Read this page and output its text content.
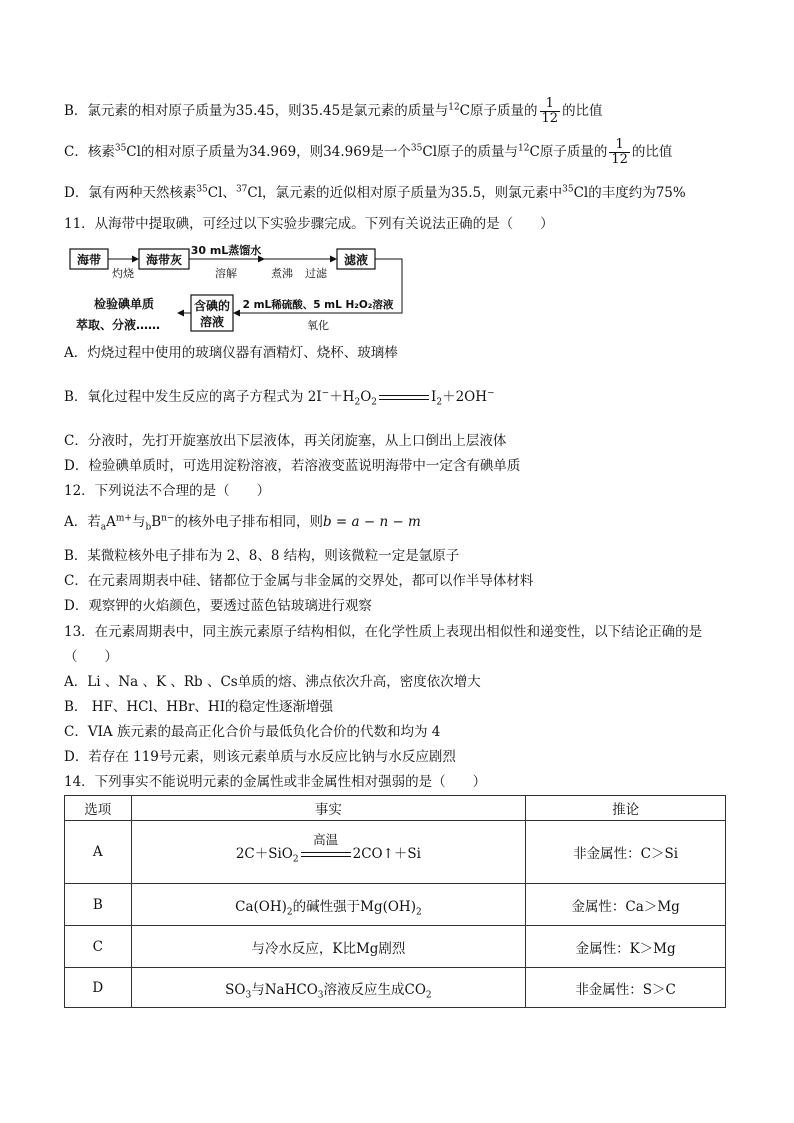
B．氯元素的相对原子质量为35.45，则35.45是氯元素的质量与$^{12}$C原子质量的 $\frac{1}{12}$ 的比值
C．核素$^{35}$Cl的相对原子质量为34.969，则34.969是一个$^{35}$Cl原子的质量与$^{12}$C原子质量的 $\frac{1}{12}$ 的比值
D．氯有两种天然核素$^{35}$Cl、$^{37}$Cl，氯元素的近似相对原子质量为35.5，则氯元素中$^{35}$Cl的丰度约为75%
11．从海带中提取碘，可经过以下实验步骤完成。下列有关说法正确的是（　　）
海带
灼烧
海带灰
30 mL蒸馏水
溶解	煮沸 过滤
滤液
2 mL稀硫酸、5 mL H₂O₂溶液
氧化
含碘的
溶液
检验碘单质
萃取、分液……
A．灼烧过程中使用的玻璃仪器有酒精灯、烧杯、玻璃棒
B．氧化过程中发生反应的离子方程式为 $2I^-+H_2O_2$	$I_2+2OH^-$
C．分液时，先打开旋塞放出下层液体，再关闭旋塞，从上口倒出上层液体
D．检验碘单质时，可选用淀粉溶液，若溶液变蓝说明海带中一定含有碘单质
12．下列说法不合理的是（　　）
A．若$_aA^{m+}$与$_bB^{n-}$的核外电子排布相同，则b = a − n − m
B．某微粒核外电子排布为 2、8、8 结构，则该微粒一定是氩原子
C．在元素周期表中硅、锗都位于金属与非金属的交界处，都可以作半导体材料
D．观察钾的火焰颜色，要透过蓝色钴玻璃进行观察
13．在元素周期表中，同主族元素原子结构相似，在化学性质上表现出相似性和递变性，以下结论正确的是
（　　）
A．Li 、Na 、K 、Rb 、Cs单质的熔、沸点依次升高，密度依次增大
B． HF、HCl、HBr、HI的稳定性逐渐增强
C．VIA 族元素的最高正化合价与最低负化合价的代数和均为 4
D．若存在 119号元素，则该元素单质与水反应比钠与水反应剧烈
14．下列事实不能说明元素的金属性或非金属性相对强弱的是（　　）
选项	事实	推论
A	2C＋SiO$_2$
高温
2CO↑＋Si	非金属性：C＞Si
B	$Ca(OH)_2$的碱性强于$Mg(OH)_2$	金属性：Ca＞Mg
C	与冷水反应，K比Mg剧烈	金属性：K＞Mg
D	$SO_3$与NaHCO$_3$溶液反应生成$CO_2$	非金属性：S＞C
